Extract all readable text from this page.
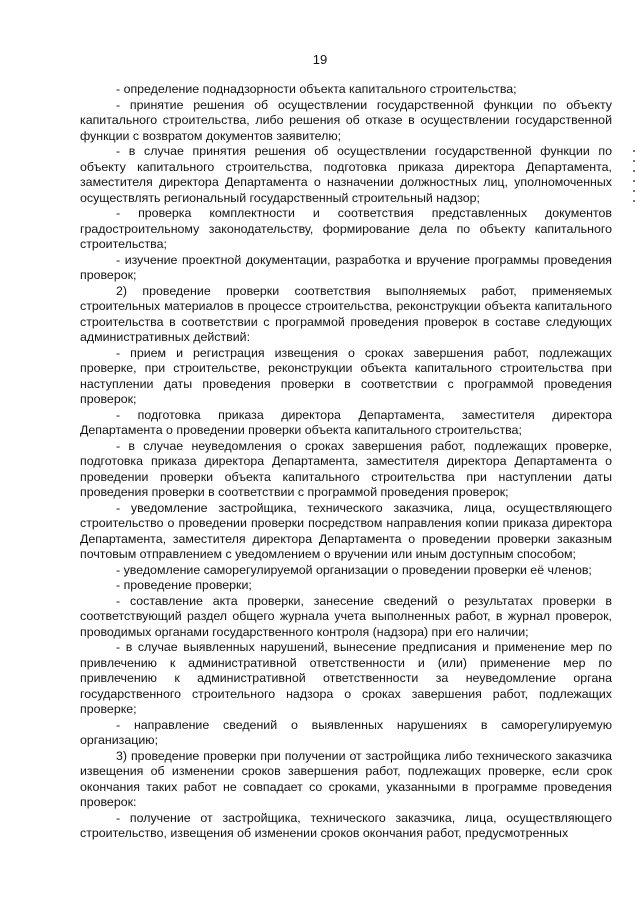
19

- определение поднадзорности объекта капитального строительства;

- принятие решения об осуществлении государственной функции по объекту капитального строительства, либо решения об отказе в осуществлении государственной функции с возвратом документов заявителю;

- в случае принятия решения об осуществлении государственной функции по объекту капитального строительства, подготовка приказа директора Департамента, заместителя директора Департамента о назначении должностных лиц, уполномоченных осуществлять региональный государственный строительный надзор;

- проверка комплектности и соответствия представленных документов градостроительному законодательству, формирование дела по объекту капитального строительства;

- изучение проектной документации, разработка и вручение программы проведения проверок;

2) проведение проверки соответствия выполняемых работ, применяемых строительных материалов в процессе строительства, реконструкции объекта капитального строительства в соответствии с программой проведения проверок в составе следующих административных действий:

- прием и регистрация извещения о сроках завершения работ, подлежащих проверке, при строительстве, реконструкции объекта капитального строительства при наступлении даты проведения проверки в соответствии с программой проведения проверок;

- подготовка приказа директора Департамента, заместителя директора Департамента о проведении проверки объекта капитального строительства;

- в случае неуведомления о сроках завершения работ, подлежащих проверке, подготовка приказа директора Департамента, заместителя директора Департамента о проведении проверки объекта капитального строительства при наступлении даты проведения проверки в соответствии с программой проведения проверок;

- уведомление застройщика, технического заказчика, лица, осуществляющего строительство о проведении проверки посредством направления копии приказа директора Департамента, заместителя директора Департамента о проведении проверки заказным почтовым отправлением с уведомлением о вручении или иным доступным способом;

- уведомление саморегулируемой организации о проведении проверки её членов;

- проведение проверки;

- составление акта проверки, занесение сведений о результатах проверки в соответствующий раздел общего журнала учета выполненных работ, в журнал проверок, проводимых органами государственного контроля (надзора) при его наличии;

- в случае выявленных нарушений, вынесение предписания и применение мер по привлечению к административной ответственности и (или) применение мер по привлечению к административной ответственности за неуведомление органа государственного строительного надзора о сроках завершения работ, подлежащих проверке;

- направление сведений о выявленных нарушениях в саморегулируемую организацию;

3) проведение проверки при получении от застройщика либо технического заказчика извещения об изменении сроков завершения работ, подлежащих проверке, если срок окончания таких работ не совпадает со сроками, указанными в программе проведения проверок:

- получение от застройщика, технического заказчика, лица, осуществляющего строительство, извещения об изменении сроков окончания работ, предусмотренных
